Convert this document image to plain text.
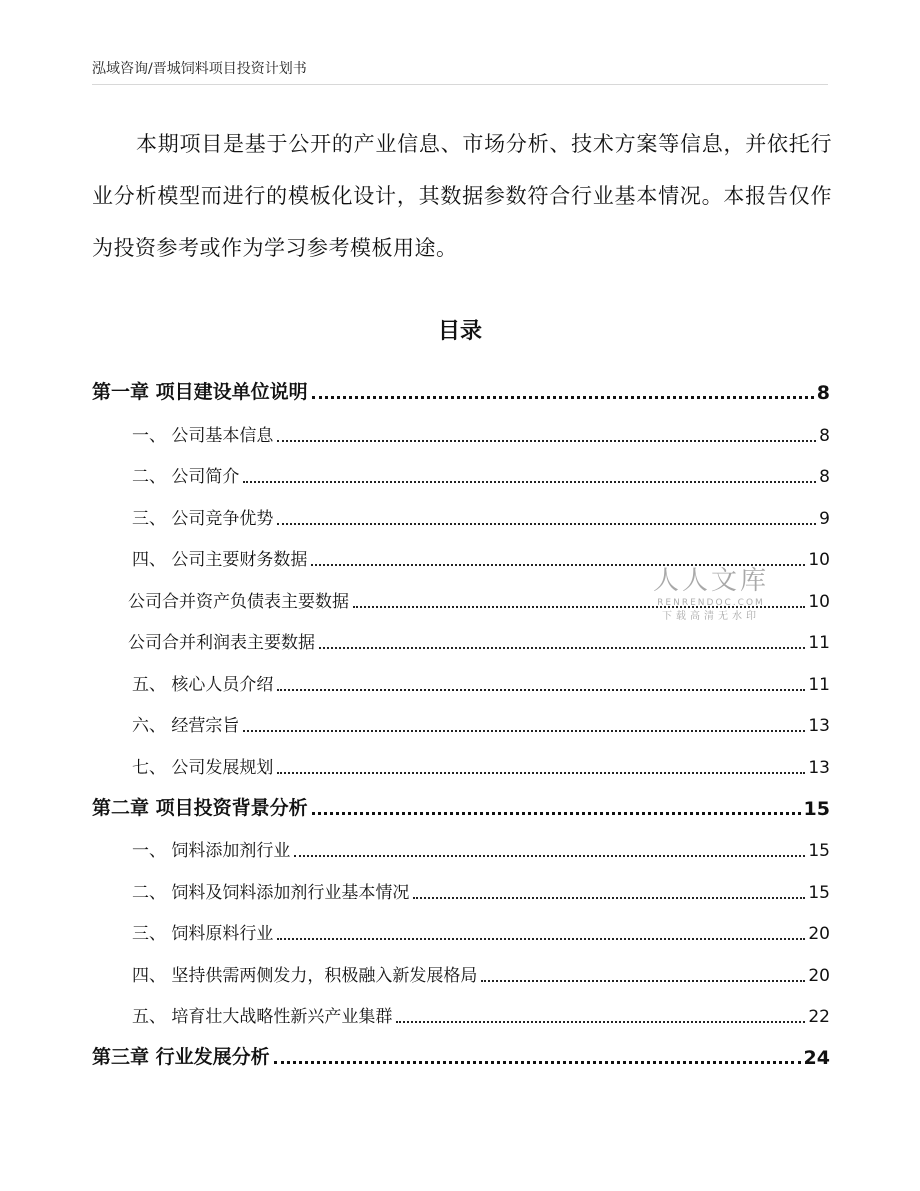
泓域咨询/晋城饲料项目投资计划书
本期项目是基于公开的产业信息、市场分析、技术方案等信息，并依托行业分析模型而进行的模板化设计，其数据参数符合行业基本情况。本报告仅作为投资参考或作为学习参考模板用途。
目录
第一章 项目建设单位说明	8
一、 公司基本信息	8
二、 公司简介	8
三、 公司竞争优势	9
四、 公司主要财务数据	10
公司合并资产负债表主要数据	10
公司合并利润表主要数据	11
五、 核心人员介绍	11
六、 经营宗旨	13
七、 公司发展规划	13
第二章 项目投资背景分析	15
一、 饲料添加剂行业	15
二、 饲料及饲料添加剂行业基本情况	15
三、 饲料原料行业	20
四、 坚持供需两侧发力，积极融入新发展格局	20
五、 培育壮大战略性新兴产业集群	22
第三章 行业发展分析	24
人人文库
RENRENDOC.COM
下载高清无水印
